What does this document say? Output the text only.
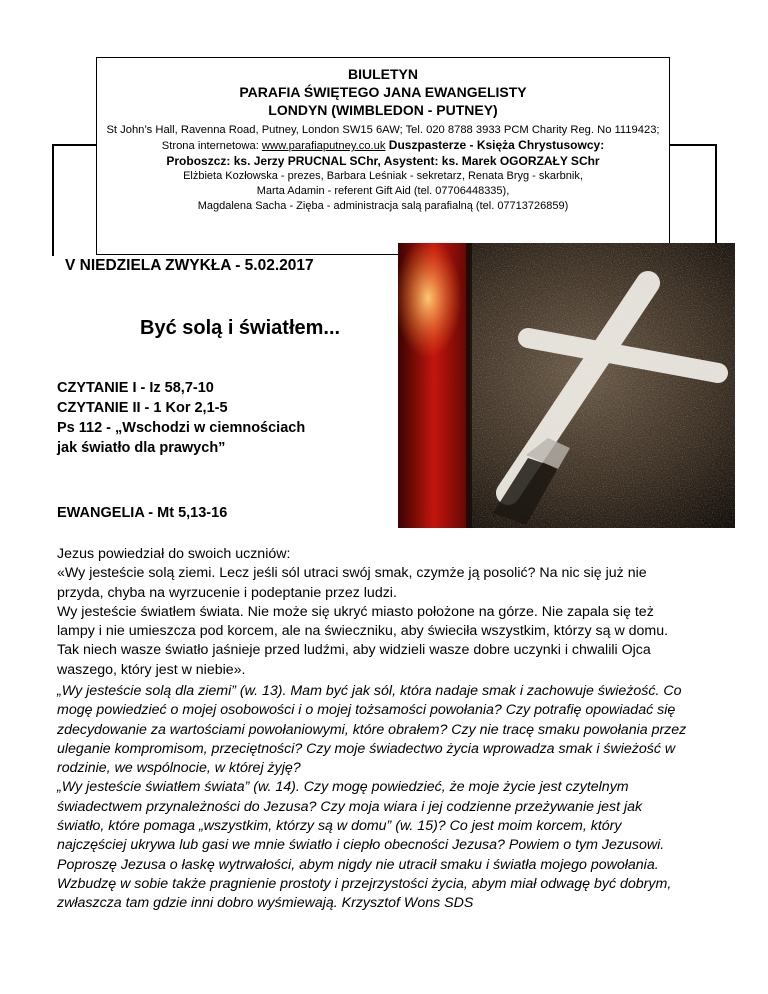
BIULETYN
PARAFIA ŚWIĘTEGO JANA EWANGELISTY
LONDYN (WIMBLEDON - PUTNEY)
St John’s Hall, Ravenna Road, Putney, London SW15 6AW; Tel. 020 8788 3933 PCM Charity Reg. No 1119423; Strona internetowa: www.parafiaputney.co.uk Duszpasterze - Księża Chrystusowcy:
Proboszcz: ks. Jerzy PRUCNAL SChr, Asystent: ks. Marek OGORZAŁY SChr
Elżbieta Kozłowska - prezes, Barbara Leśniak - sekretarz, Renata Bryg - skarbnik,
Marta Adamin - referent Gift Aid (tel. 07706448335),
Magdalena Sacha - Zięba - administracja salą parafialną (tel. 07713726859)
V NIEDZIELA ZWYKŁA - 5.02.2017
Być solą i światłem...
CZYTANIE I - Iz 58,7-10
CZYTANIE II - 1 Kor 2,1-5
Ps 112 - „Wschodzi w ciemnościach
jak światło dla prawych”
EWANGELIA - Mt 5,13-16
Jezus powiedział do swoich uczniów:
«Wy jesteście solą ziemi. Lecz jeśli sól utraci swój smak, czymże ją posolić? Na nic się już nie
przyda, chyba na wyrzucenie i podeptanie przez ludzi.
Wy jesteście światłem świata. Nie może się ukryć miasto położone na górze. Nie zapala się też
lampy i nie umieszcza pod korcem, ale na świeczniku, aby świeciła wszystkim, którzy są w domu.
Tak niech wasze światło jaśnieje przed ludźmi, aby widzieli wasze dobre uczynki i chwalili Ojca
waszego, który jest w niebie».
„Wy jesteście solą dla ziemi” (w. 13). Mam być jak sól, która nadaje smak i zachowuje świeżość. Co
mogę powiedzieć o mojej osobowości i o mojej tożsamości powołania? Czy potrafię opowiadać się
zdecydowanie za wartościami powołaniowymi, które obrałem? Czy nie tracę smaku powołania przez
uleganie kompromisom, przeciętności? Czy moje świadectwo życia wprowadza smak i świeżość w
rodzinie, we wspólnocie, w której żyję?
„Wy jesteście światłem świata” (w. 14). Czy mogę powiedzieć, że moje życie jest czytelnym
świadectwem przynależności do Jezusa? Czy moja wiara i jej codzienne przeżywanie jest jak
światło, które pomaga „wszystkim, którzy są w domu” (w. 15)? Co jest moim korcem, który
najczęściej ukrywa lub gasi we mnie światło i ciepło obecności Jezusa? Powiem o tym Jezusowi.
Poproszę Jezusa o łaskę wytrwałości, abym nigdy nie utracił smaku i światła mojego powołania.
Wzbudzę w sobie także pragnienie prostoty i przejrzystości życia, abym miał odwagę być dobrym,
zwłaszcza tam gdzie inni dobro wyśmiewają. Krzysztof Wons SDS
